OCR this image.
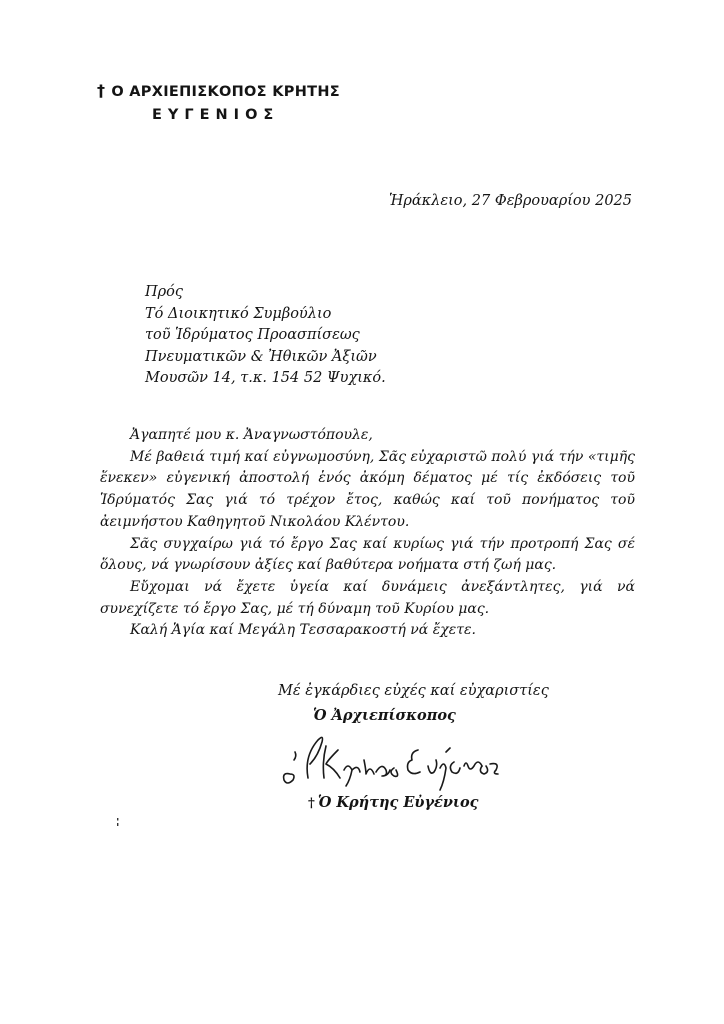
† Ο ΑΡΧΙΕΠΙΣΚΟΠΟΣ ΚΡΗΤΗΣ
ΕΥΓΕΝΙΟΣ
Ἡράκλειο, 27 Φεβρουαρίου 2025
Πρός
Τό Διοικητικό Συμβούλιο
τοῦ Ἱδρύματος Προασπίσεως
Πνευματικῶν & Ἠθικῶν Ἀξιῶν
Μουσῶν 14, τ.κ. 154 52 Ψυχικό.

Ἀγαπητέ μου κ. Ἀναγνωστόπουλε,

Μέ βαθειά τιμή καί εὐγνωμοσύνη, Σᾶς εὐχαριστῶ πολύ γιά τήν «τιμῆς ἕνεκεν» εὐγενική ἀποστολή ἑνός ἀκόμη δέματος μέ τίς ἐκδόσεις τοῦ Ἱδρύματός Σας γιά τό τρέχον ἔτος, καθώς καί τοῦ πονήματος τοῦ ἀειμνήστου Καθηγητοῦ Νικολάου Κλέντου.

Σᾶς συγχαίρω γιά τό ἔργο Σας καί κυρίως γιά τήν προτροπή Σας σέ ὅλους, νά γνωρίσουν ἀξίες καί βαθύτερα νοήματα στή ζωή μας.

Εὔχομαι νά ἔχετε ὑγεία καί δυνάμεις ἀνεξάντλητες, γιά νά συνεχίζετε τό ἔργο Σας, μέ τή δύναμη τοῦ Κυρίου μας.

Καλή Ἁγία καί Μεγάλη Τεσσαρακοστή νά ἔχετε.

Μέ ἐγκάρδιες εὐχές καί εὐχαριστίες
Ὁ Ἀρχιεπίσκοπος
† Ὁ Κρήτης Εὐγένιος
